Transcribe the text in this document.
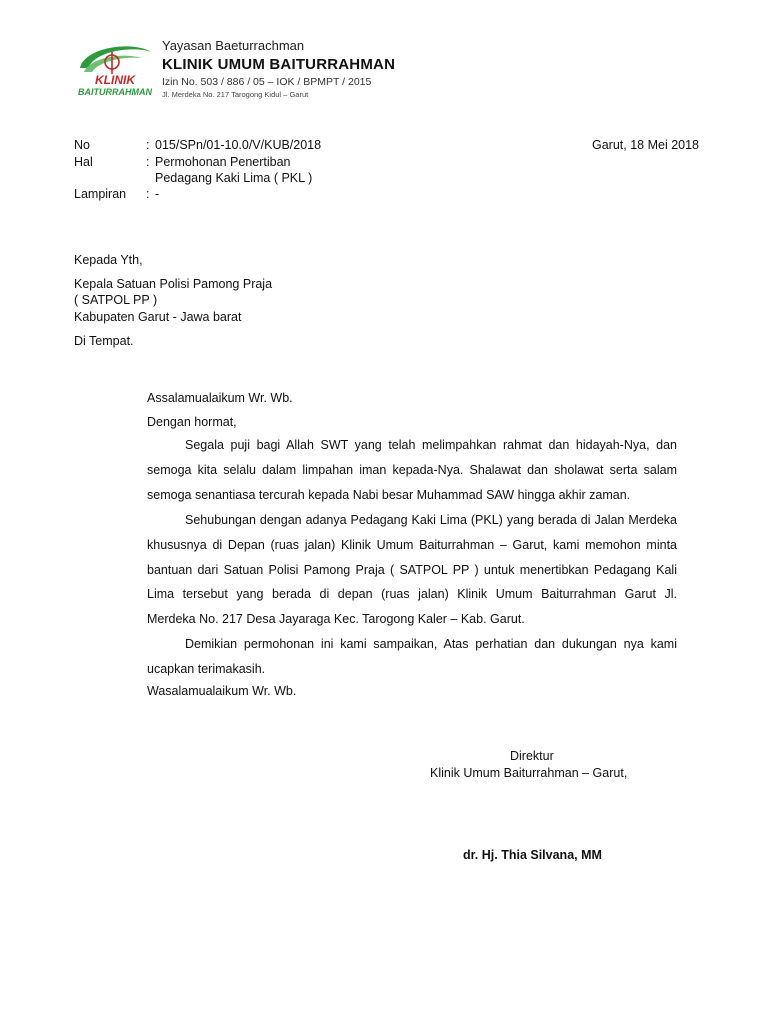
KLINIK
BAITURRAHMAN
Yayasan Baeturrachman
KLINIK UMUM BAITURRAHMAN
Izin No. 503 / 886 / 05 – IOK / BPMPT / 2015
Jl. Merdeka No. 217 Tarogong Kidul – Garut
No	: 015/SPn/01-10.0/V/KUB/2018	Garut, 18 Mei 2018
Hal	: Permohonan Penertiban
Pedagang Kaki Lima ( PKL )
Lampiran : -
Kepada Yth,
Kepala Satuan Polisi Pamong Praja
( SATPOL PP )
Kabupaten Garut - Jawa barat
Di Tempat.
Assalamualaikum Wr. Wb.
Dengan hormat,
Segala puji bagi Allah SWT yang telah melimpahkan rahmat dan hidayah-Nya, dan
semoga kita selalu dalam limpahan iman kepada-Nya. Shalawat dan sholawat serta salam
semoga senantiasa tercurah kepada Nabi besar Muhammad SAW hingga akhir zaman.
Sehubungan dengan adanya Pedagang Kaki Lima (PKL) yang berada di Jalan Merdeka
khususnya di Depan (ruas jalan) Klinik Umum Baiturrahman – Garut, kami memohon minta
bantuan dari Satuan Polisi Pamong Praja ( SATPOL PP ) untuk menertibkan Pedagang Kali
Lima tersebut yang berada di depan (ruas jalan) Klinik Umum Baiturrahman Garut Jl.
Merdeka No. 217 Desa Jayaraga Kec. Tarogong Kaler – Kab. Garut.
Demikian permohonan ini kami sampaikan, Atas perhatian dan dukungan nya kami
ucapkan terimakasih.
Wasalamualaikum Wr. Wb.
Direktur
Klinik Umum Baiturrahman – Garut,
dr. Hj. Thia Silvana, MM
